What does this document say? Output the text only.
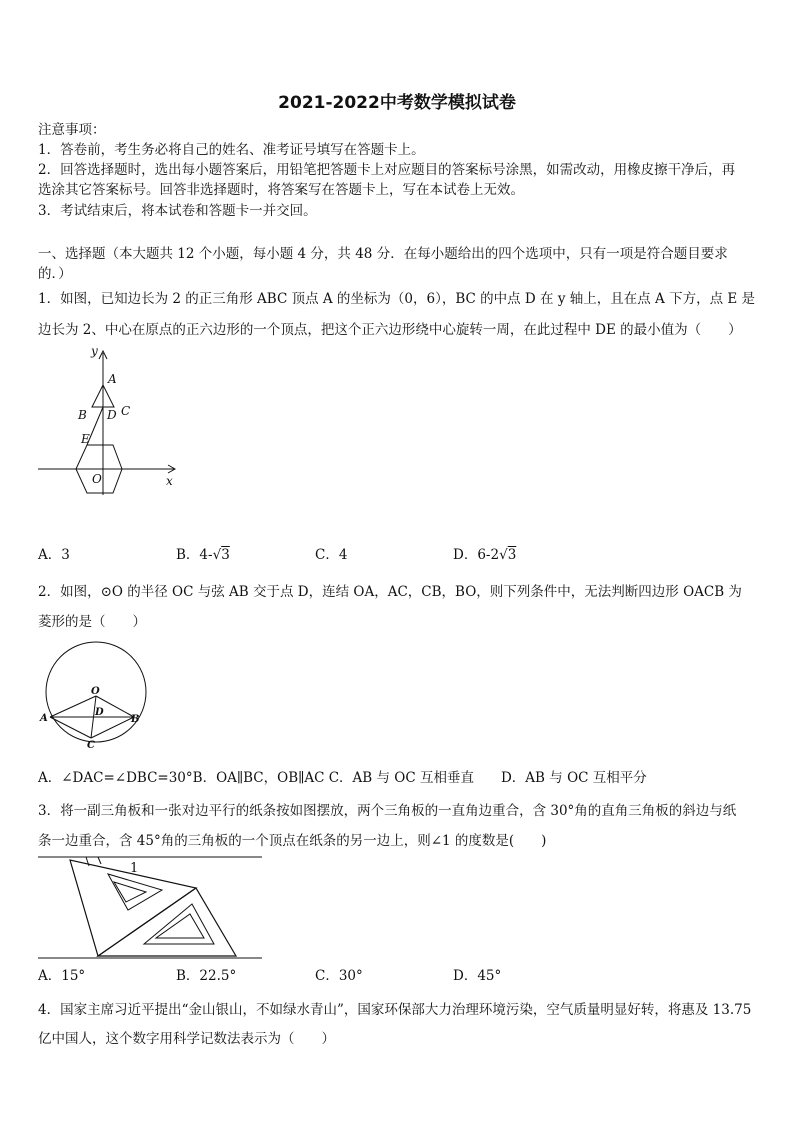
2021-2022中考数学模拟试卷
注意事项：
1．答卷前，考生务必将自己的姓名、准考证号填写在答题卡上。
2．回答选择题时，选出每小题答案后，用铅笔把答题卡上对应题目的答案标号涂黑，如需改动，用橡皮擦干净后，再
选涂其它答案标号。回答非选择题时，将答案写在答题卡上，写在本试卷上无效。
3．考试结束后，将本试卷和答题卡一并交回。
一、选择题（本大题共 12 个小题，每小题 4 分，共 48 分．在每小题给出的四个选项中，只有一项是符合题目要求
的．）
1．如图，已知边长为 2 的正三角形 ABC 顶点 A 的坐标为（0，6），BC 的中点 D 在 y 轴上，且在点 A 下方，点 E 是
边长为 2、中心在原点的正六边形的一个顶点，把这个正六边形绕中心旋转一周，在此过程中 DE 的最小值为（　　）
y
x
O
A
B	C
D
E
A．3	B．4-√3	C．4	D．6-2√3
2．如图，⊙O 的半径 OC 与弦 AB 交于点 D，连结 OA，AC，CB，BO，则下列条件中，无法判断四边形 OACB 为
菱形的是（　　）
O
A	B
C
D
A．∠DAC=∠DBC=30°B．OA∥BC，OB∥AC C．AB 与 OC 互相垂直　　D．AB 与 OC 互相平分
3．将一副三角板和一张对边平行的纸条按如图摆放，两个三角板的一直角边重合，含 30°角的直角三角板的斜边与纸
条一边重合，含 45°角的三角板的一个顶点在纸条的另一边上，则∠1 的度数是(　　)
1
A．15°	B．22.5°	C．30°	D．45°
4．国家主席习近平提出“金山银山，不如绿水青山”，国家环保部大力治理环境污染，空气质量明显好转，将惠及 13.75
亿中国人，这个数字用科学记数法表示为（　　）
